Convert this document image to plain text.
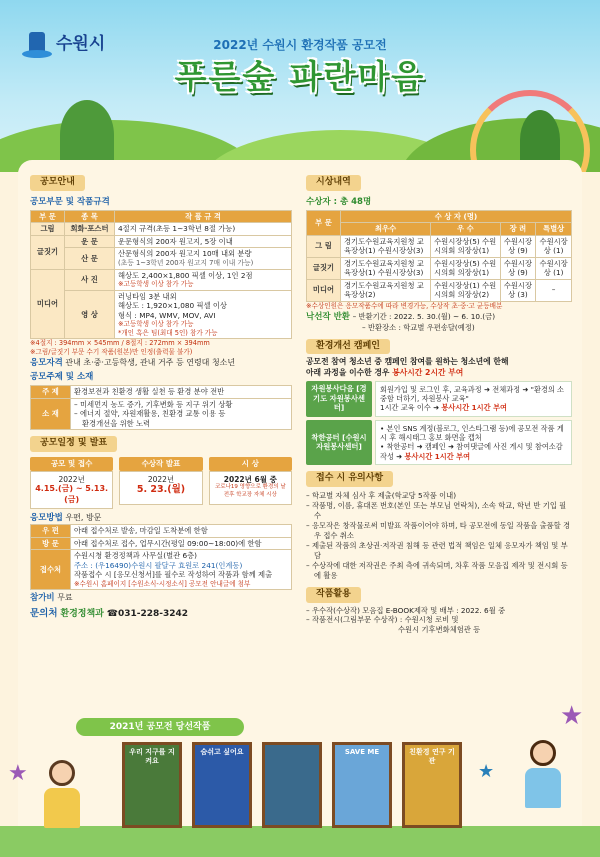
수원시	2022년 수원시 환경작품 공모전
푸른숲 파란마음
공모안내
공모부문 및 작품규격
부 문	종 목	작 품 규 격
그림	회화·포스터	4절지 규격(초등 1~3학년 8절 가능)
글짓기	운 문	운문형식의 200자 원고지, 5장 이내
	산 문	산문형식의 200자 원고지 10매 내외 분량
(초등 1~3학년 200자 원고지 7매 이내 가능)

미디어	사 진	해상도 2,400×1,800 픽셀 이상, 1인 2점
※고등학생 이상 참가 가능

	영 상	러닝타임 3분 내외
해상도 : 1,920×1,080 픽셀 이상
형식 : MP4, WMV, MOV, AVI
※고등학생 이상 참가 가능
*개인 혹은 팀(최대 5인) 참가 가능
※4절지 : 394mm × 545mm / 8절지 : 272mm × 394mm
※그림/글짓기 부문 수기 작품(원본)만 인정(출력물 불가)
응모자격 관내 초·중·고등학생, 관내 거주 등 연령대 청소년
공모주제 및 소재
주 제	환경보전과 친환경 생활 실천 등 환경 분야 전반
소 재	– 미세먼지 농도 증가, 기후변화 등 지구 위기 상황
– 에너지 절약, 자원재활용, 친환경 교통 이용 등
환경개선을 위한 노력
공모일정 및 발표
공모 및 접수
2022년
4.15.(금) ~ 5.13.(금)
수상작 발표
2022년
5. 23.(월)
시 상
2022년 6월 중
코로나19 영향으로 환경의 날 전후 학교장 자체 시상
응모방법 우편, 방문
우 편	아래 접수처로 발송, 마감일 도착분에 한함
방 문	아래 접수처로 접수, 업무시간(평일 09:00~18:00)에 한함
접수처	수원시청 환경정책과 사무실(별관 6층)
주소 : (우16490)수원시 팔달구 효원로 241(인계동)
작품접수 시 [응모신청서]를 필수로 작성하여 작품과 함께 제출
※수원시 홈페이지 [수원소식-시정소식] 공모전 안내글에 첨부
참가비 무료
문의처 환경정책과 ☎031-228-3242
시상내역
수상자 : 총 48명
부 문	수 상 자 (명)			
	최우수	우 수	장 려	특별상
그 림	경기도수원교육지원청 교육장상(1) 수원시장상(3)	수원시장상(5) 수원시의회 의장상(1)	수원시장상 (9)	수원시장상 (1)
글짓기	경기도수원교육지원청 교육장상(1) 수원시장상(3)	수원시장상(5) 수원시의회 의장상(1)	수원시장상 (9)	수원시장상 (1)
미디어	경기도수원교육지원청 교육장상(2)	수원시장상(1) 수원시의회 의장상(2)	수원시장상 (3)	–
※수상인원은 응모작품수에 따라 변경가능, 수상작 초·중·고 균등배분
낙선작 반환 – 반환기간 : 2022. 5. 30.(월) ~ 6. 10.(금)
– 반환장소 : 학교별 우편송달(예정)
환경개선 캠페인
공모전 참여 청소년 중 캠페인 참여를 원하는 청소년에 한해
아래 과정을 이수한 경우 봉사시간 2시간 부여
자원봉사다음 [경기도 자원봉사센터]
회원가입 및 로그인 후, 교육과정 ➜ 전체과정 ➜ "환경의 소중함 더하기, 자원봉사 교육"
1시간 교육 이수 ➜ 봉사시간 1시간 부여
착한공터 [수원시 자원봉사센터]
• 본인 SNS 계정(블로그, 인스타그램 등)에 공모전 작품 게시 후 해시태그 홍보 화면을 캡처
• 착한공터 ➜ 캠페인 ➜ 참여댓글에 사진 게시 및 참여소감 작성 ➜ 봉사시간 1시간 부여
접수 시 유의사항
– 학교별 자체 심사 후 제출(학교당 5작품 이내)
– 작품명, 이름, 휴대폰 번호(본인 또는 부모님 연락처), 소속 학교, 학년 반 기입 필수
– 응모작은 창작물로써 미발표 작품이어야 하며, 타 공모전에 동일 작품을 출품할 경우 접수 취소
– 제출된 작품의 초상권·저작권 침해 등 관련 법적 책임은 일체 응모자가 책임 및 부담
– 수상작에 대한 저작권은 주최 측에 귀속되며, 차후 작품 모음집 제작 및 전시회 등에 활용
작품활용
– 우수작(수상작) 모음집 E-BOOK제작 및 배부 : 2022. 6월 중
– 작품전시(그림부문 수상작) : 수원시청 로비 및
수원시 기후변화체험관 등
2021년 공모전 당선작품
우리 지구를 지켜요
숨쉬고 싶어요	SAVE ME	친환경 연구 기관
★
★
★
